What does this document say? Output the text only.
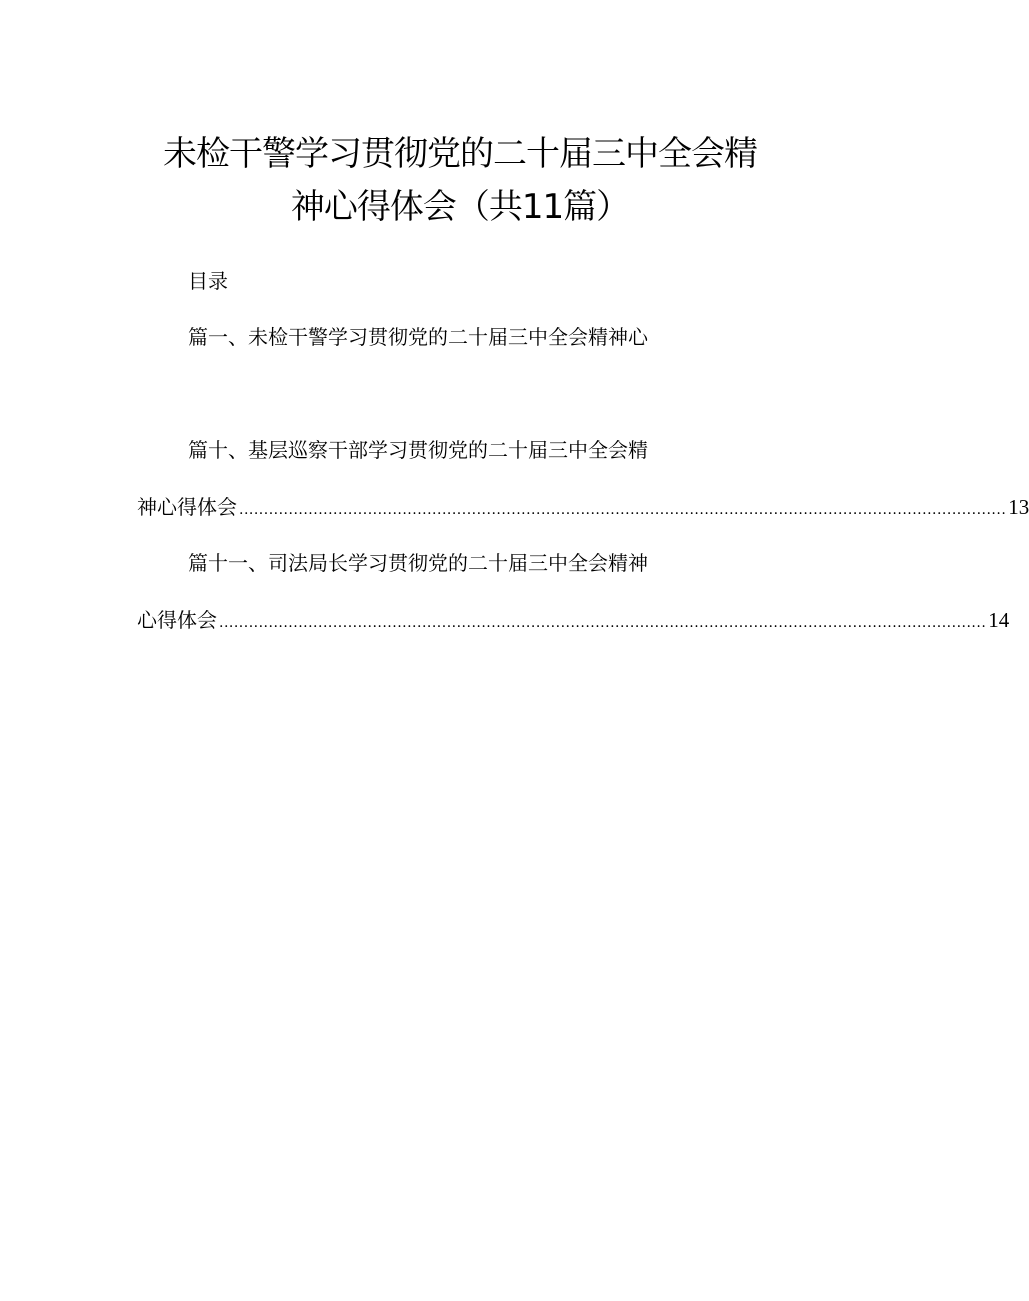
未检干警学习贯彻党的二十届三中全会精
神心得体会（共11篇）
目录
篇一、未检干警学习贯彻党的二十届三中全会精神心
篇十、基层巡察干部学习贯彻党的二十届三中全会精
神心得体会 ........................................................................................................................................................... 13
篇十一、司法局长学习贯彻党的二十届三中全会精神
心得体会 ........................................................................................................................................................... 14
